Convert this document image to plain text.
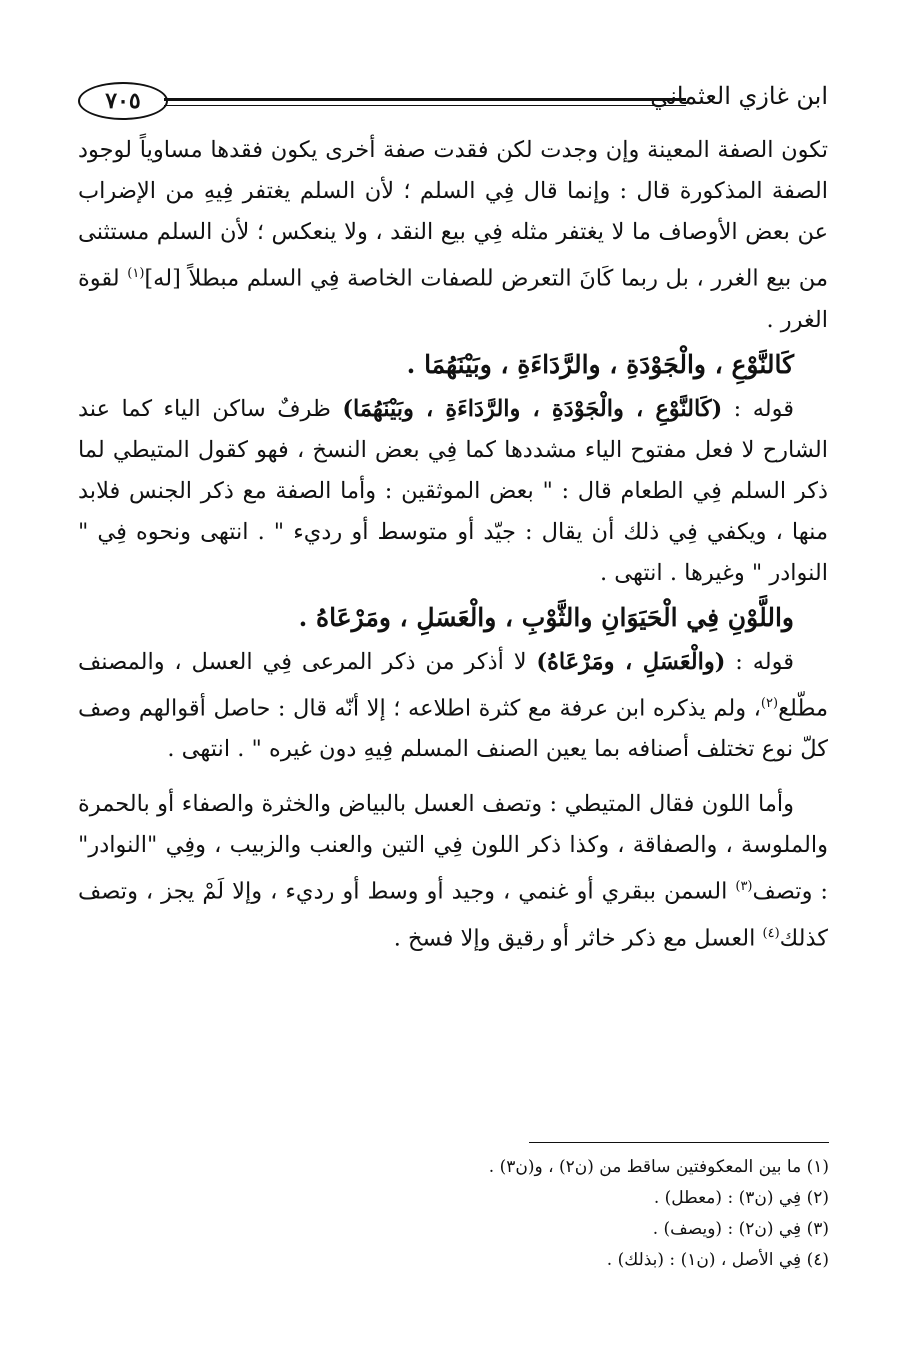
٧٠٥	ابن غازي العثماني

تكون الصفة المعينة وإن وجدت لكن فقدت صفة أخرى يكون فقدها مساوياً لوجود الصفة المذكورة قال : وإنما قال فِي السلم ؛ لأن السلم يغتفر فِيهِ من الإضراب عن بعض الأوصاف ما لا يغتفر مثله فِي بيع النقد ، ولا ينعكس ؛ لأن السلم مستثنى من بيع الغرر ، بل ربما كَانَ التعرض للصفات الخاصة فِي السلم مبطلاً [له]$^{(١)}$ لقوة الغرر .

كَالنَّوْعِ ، والْجَوْدَةِ ، والرَّدَاءَةِ ، وبَيْنَهُمَا .

قوله : (كَالنَّوْعِ ، والْجَوْدَةِ ، والرَّدَاءَةِ ، وبَيْنَهُمَا) ظرفٌ ساكن الياء كما عند الشارح لا فعل مفتوح الياء مشددها كما فِي بعض النسخ ، فهو كقول المتيطي لما ذكر السلم فِي الطعام قال : " بعض الموثقين : وأما الصفة مع ذكر الجنس فلابد منها ، ويكفي فِي ذلك أن يقال : جيّد أو متوسط أو رديء " . انتهى ونحوه فِي " النوادر " وغيرها . انتهى .

واللَّوْنِ فِي الْحَيَوَانِ والثَّوْبِ ، والْعَسَلِ ، ومَرْعَاهُ .

قوله : (والْعَسَلِ ، ومَرْعَاهُ) لا أذكر من ذكر المرعى فِي العسل ، والمصنف مطّلع$^{(٢)}$، ولم يذكره ابن عرفة مع كثرة اطلاعه ؛ إلا أنّه قال : حاصل أقوالهم وصف كلّ نوع تختلف أصنافه بما يعين الصنف المسلم فِيهِ دون غيره " . انتهى .

وأما اللون فقال المتيطي : وتصف العسل بالبياض والخثرة والصفاء أو بالحمرة والملوسة ، والصفاقة ، وكذا ذكر اللون فِي التين والعنب والزبيب ، وفِي "النوادر" : وتصف$^{(٣)}$ السمن ببقري أو غنمي ، وجيد أو وسط أو رديء ، وإلا لَمْ يجز ، وتصف كذلك$^{(٤)}$ العسل مع ذكر خاثر أو رقيق وإلا فسخ .

(١) ما بين المعكوفتين ساقط من (ن٢) ، و(ن٣) .

(٢) فِي (ن٣) : (معطل) .

(٣) فِي (ن٢) : (ويصف) .

(٤) فِي الأصل ، (ن١) : (بذلك) .
